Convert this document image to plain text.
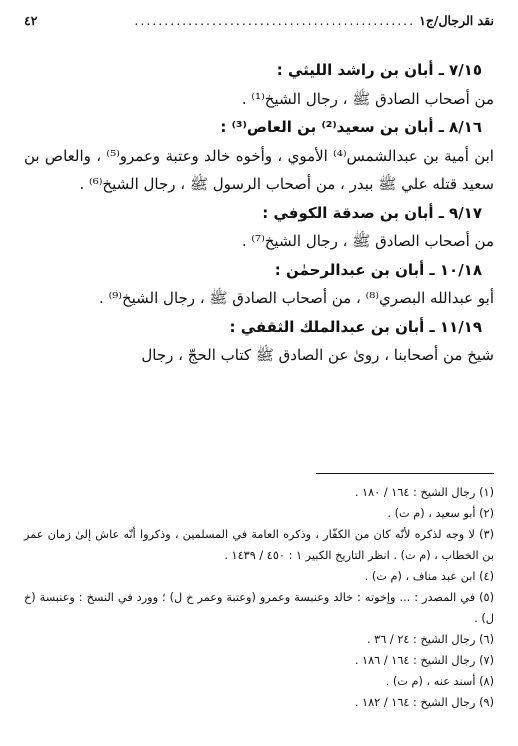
نقد الرجال/ج١
...............................................
٤٢
٧/١٥ ـ أبان بن راشد الليثي :
من أصحاب الصادق ﷺ ، رجال الشيخ⁽¹⁾ .
٨/١٦ ـ أبان بن سعيد⁽²⁾ بن العاص⁽³⁾ :
ابن أمية بن عبدالشمس⁽⁴⁾ الأموي ، وأخوه خالد وعتبة وعمرو⁽⁵⁾ ، والعاص بن سعيد قتله علي ﷺ ببدر ، من أصحاب الرسول ﷺ ، رجال الشيخ⁽⁶⁾ .
٩/١٧ ـ أبان بن صدقة الكوفي :
من أصحاب الصادق ﷺ ، رجال الشيخ⁽⁷⁾ .
١٠/١٨ ـ أبان بن عبدالرحمٰن :
أبو عبدالله البصري⁽⁸⁾ ، من أصحاب الصادق ﷺ ، رجال الشيخ⁽⁹⁾ .
١١/١٩ ـ أبان بن عبدالملك الثقفي :
شيخ من أصحابنا ، روىٰ عن الصادق ﷺ كتاب الحجّ ، رجال
(١) رجال الشيخ : ١٦٤ / ١٨٠ .
(٢) أبو سعيد ، (م ت) .
(٣) لا وجه لذكره لأنّه كان من الكفّار ، وذكره العامة في المسلمين ، وذكروا أنّه عاش إلىٰ زمان عمر بن الخطاب ، (م ت) . انظر التاريخ الكبير ١ : ٤٥٠ / ١٤٣٩ .
(٤) ابن عبد مناف ، (م ت) .
(٥) في المصدر : ... وإخوته : خالد وعنبسة وعمرو (وعتبة وعمر خ ل) ؛ وورد في النسخ : وعنبسة (خ ل) .
(٦) رجال الشيخ : ٢٤ / ٣٦ .
(٧) رجال الشيخ : ١٦٤ / ١٨٦ .
(٨) أسند عنه ، (م ت) .
(٩) رجال الشيخ : ١٦٤ / ١٨٢ .
